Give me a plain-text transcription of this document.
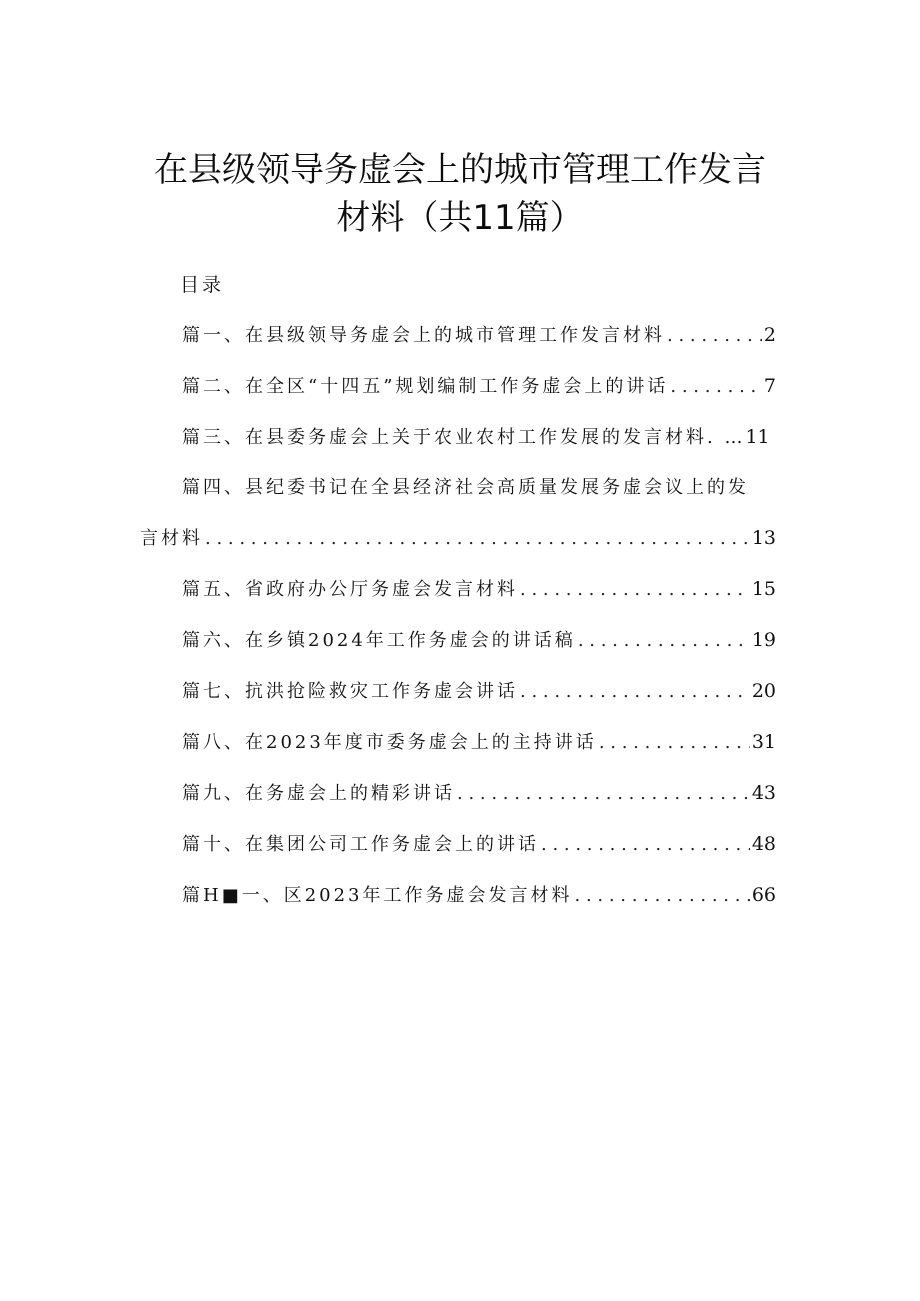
在县级领导务虚会上的城市管理工作发言
材料（共11篇）
目录
篇一、在县级领导务虚会上的城市管理工作发言材料 . . .	2
篇二、在全区“十四五”规划编制工作务虚会上的讲话 . . .	7
篇三、在县委务虚会上关于农业农村工作发展的发言材料. … 11
篇四、县纪委书记在全县经济社会高质量发展务虚会议上的发
言材料 . . .	13
篇五、省政府办公厅务虚会发言材料 . . .	15
篇六、在乡镇2024年工作务虚会的讲话稿 . . .	19
篇七、抗洪抢险救灾工作务虚会讲话 . . .	20
篇八、在2023年度市委务虚会上的主持讲话 . . .	31
篇九、在务虚会上的精彩讲话 . . .	43
篇十、在集团公司工作务虚会上的讲话 . . .	48
篇H■一、区2023年工作务虚会发言材料 . . .	66
